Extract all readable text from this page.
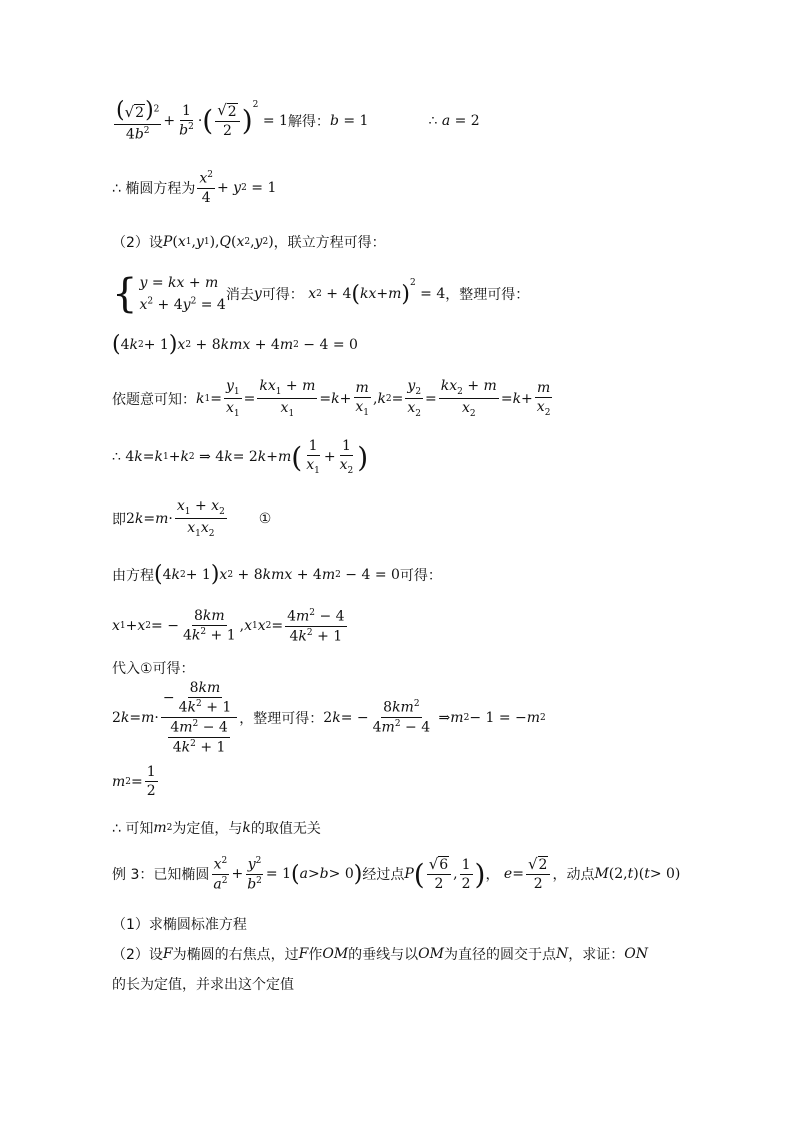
$\frac{( √ 2 )^2}{4b^2} + \frac{1}{b^2}$ · ( $\frac{√ 2}{2}$ ) 2
= 1 解得： b = 1	∴ a = 2
∴ 椭圆方程为 $\frac{x^2}{4} + y$ 2 = 1
（2）设 P ( x 1 , y 1 ), Q ( x 2 , y 2 ) ，联立方程可得：
{ y = kx + m
$x^2 + 4y^2 = 4$
消去 y 可得： x 2 + 4 ( kx + m ) 2
= 4 ，整理可得：
( 4 k 2 + 1 ) x 2 + 8 kmx + 4 m 2 − 4 = 0
依题意可知： k $1 = \frac{y_1}{x_1} = \frac{kx_1 + m}{x_1} = k + \frac{m}{x_1}$ , k $2 = \frac{y_2}{x_2} = \frac{kx_2 + m}{x_2} = k + \frac{m}{x_2}$
∴ 4 k = k 1 + k 2 ⇒ 4 k = 2 k + m ( $\frac{1}{x_1} + \frac{1}{x_2}$ )
即 2 $k = m \cdot \frac{x_1 + x_2}{x_1x_2}$ ①
由方程 ( 4 k 2 + 1 ) x 2 + 8 kmx + 4 m 2 − 4 = 0 可得：
x 1 + x 2 = − $\frac{8km}{4k^2 + 1}$ , x 1 x $2 = \frac{4m^2 - 4}{4k^2 + 1}$
代入①可得：
2 $k = m \cdot \frac{- \frac{8km}{4k^2 + 1}}{\frac{4m^2 - 4}{4k^2 + 1}}$ ，整理可得： 2 k = − $\frac{8km^2}{4m^2 - 4}$ ⇒ m 2 − 1 = − m 2
m $2 = \frac{1}{2}$
∴ 可知 m 2 为定值，与 k 的取值无关
例 3：已知椭圆 $\frac{x^2}{a^2} + \frac{y^2}{b^2} = 1$ ( a > b > 0 ) 经过点 P ( $\frac{√ 6}{2}$ , $\frac{1}{2}$ ) ， $e = \frac{√ 2}{2}$ ，动点 M (2, t )( t > 0)
（1）求椭圆标准方程
（2）设 F 为椭圆的右焦点，过 F 作 OM 的垂线与以 OM 为直径的圆交于点 N ，求证： ON
的长为定值，并求出这个定值
